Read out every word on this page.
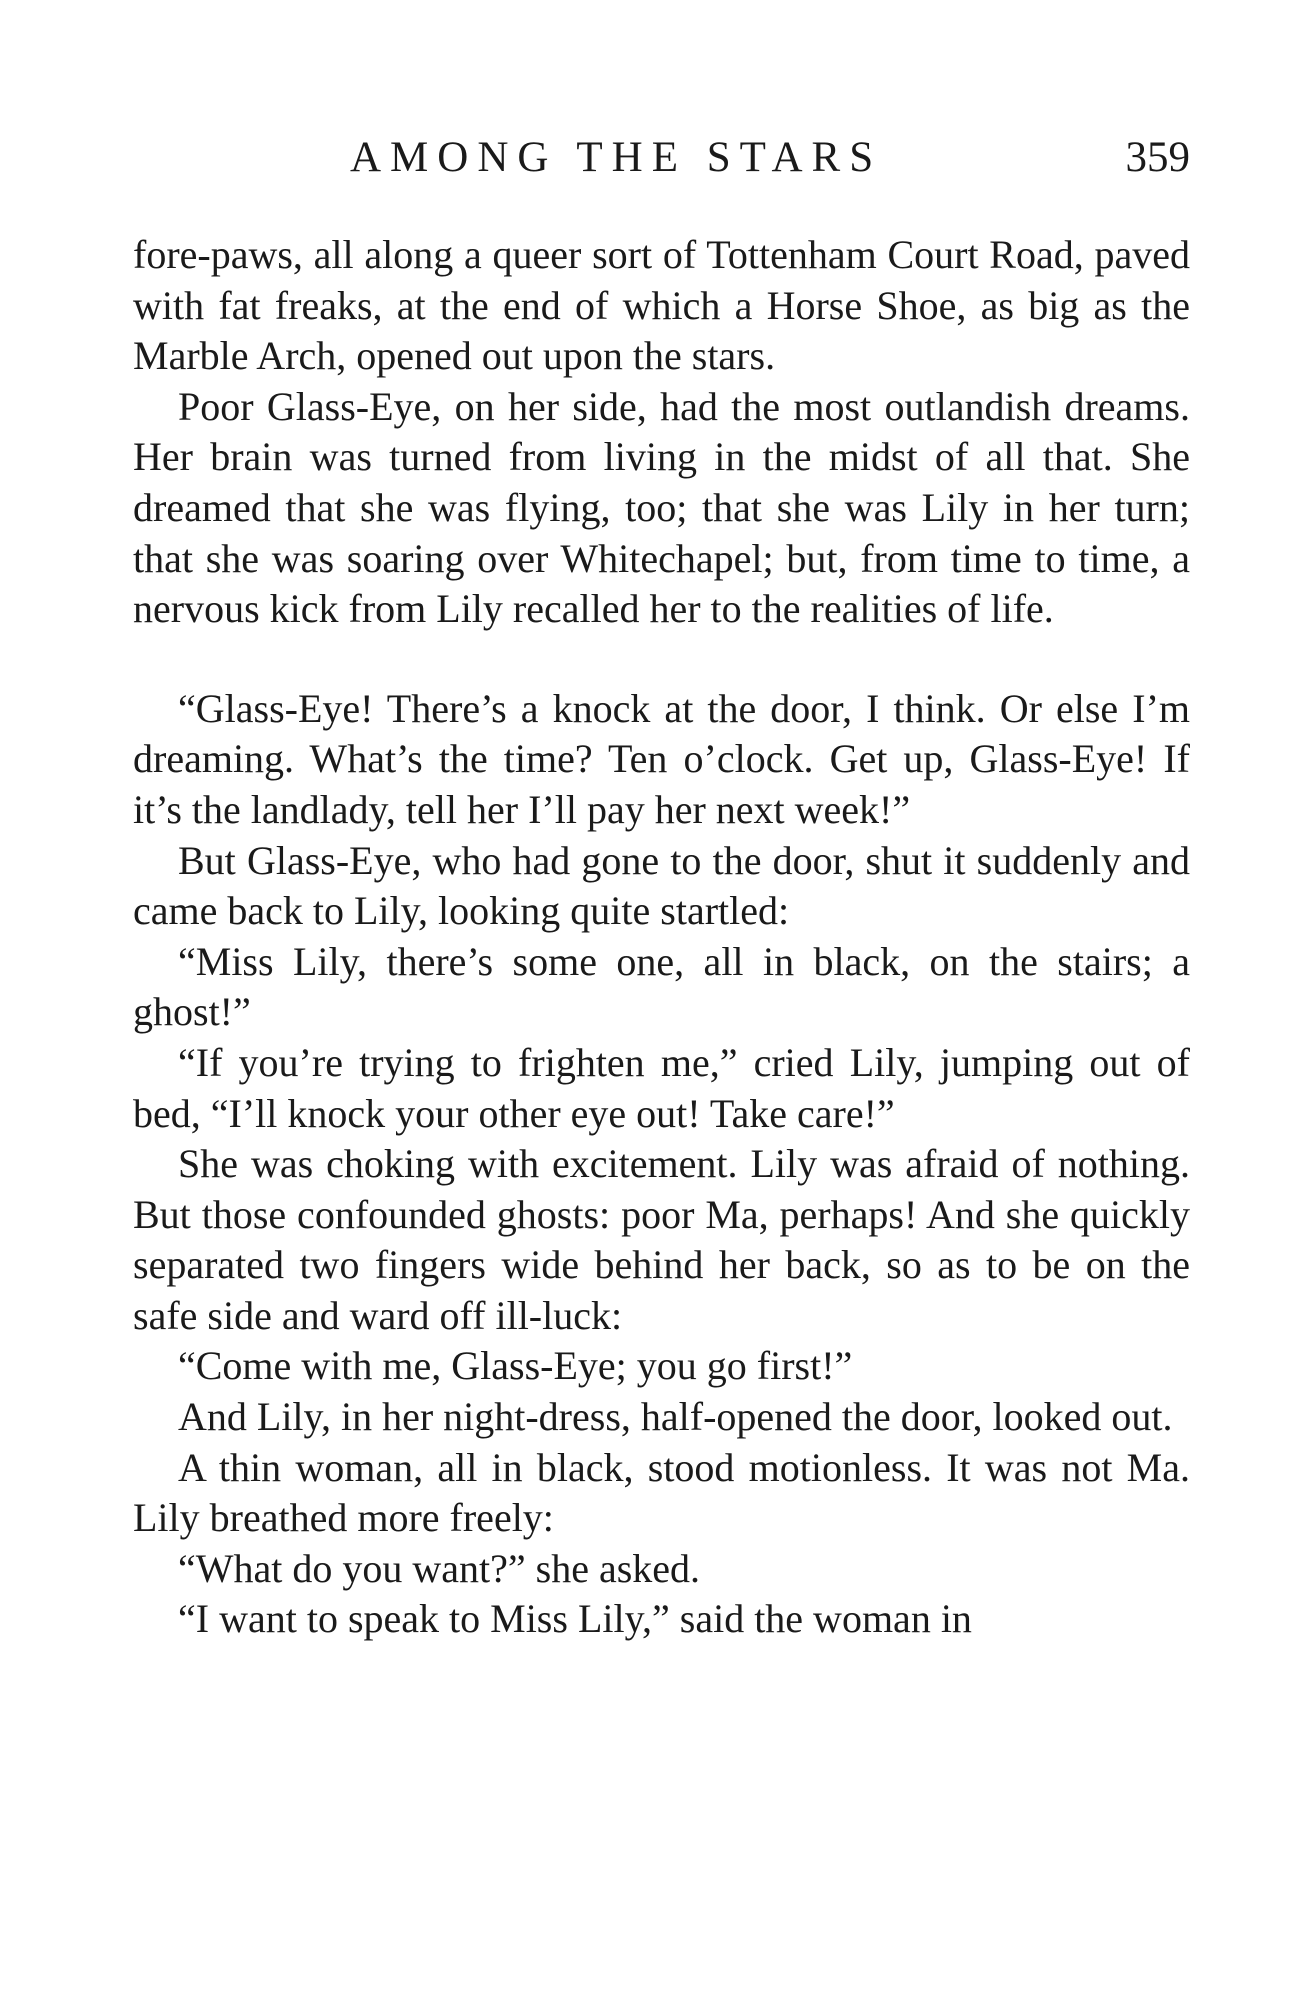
AMONG THE STARS	359

fore-paws, all along a queer sort of Tottenham Court Road, paved with fat freaks, at the end of which a Horse Shoe, as big as the Marble Arch, opened out upon the stars.

Poor Glass-Eye, on her side, had the most outlandish dreams. Her brain was turned from living in the midst of all that. She dreamed that she was flying, too; that she was Lily in her turn; that she was soaring over Whitechapel; but, from time to time, a nervous kick from Lily recalled her to the realities of life.

“Glass-Eye! There’s a knock at the door, I think. Or else I’m dreaming. What’s the time? Ten o’clock. Get up, Glass-Eye! If it’s the landlady, tell her I’ll pay her next week!”

But Glass-Eye, who had gone to the door, shut it suddenly and came back to Lily, looking quite startled:

“Miss Lily, there’s some one, all in black, on the stairs; a ghost!”

“If you’re trying to frighten me,” cried Lily, jumping out of bed, “I’ll knock your other eye out! Take care!”

She was choking with excitement. Lily was afraid of nothing. But those confounded ghosts: poor Ma, perhaps! And she quickly separated two fingers wide behind her back, so as to be on the safe side and ward off ill-luck:

“Come with me, Glass-Eye; you go first!”

And Lily, in her night-dress, half-opened the door, looked out.

A thin woman, all in black, stood motionless. It was not Ma. Lily breathed more freely:

“What do you want?” she asked.

“I want to speak to Miss Lily,” said the woman in
